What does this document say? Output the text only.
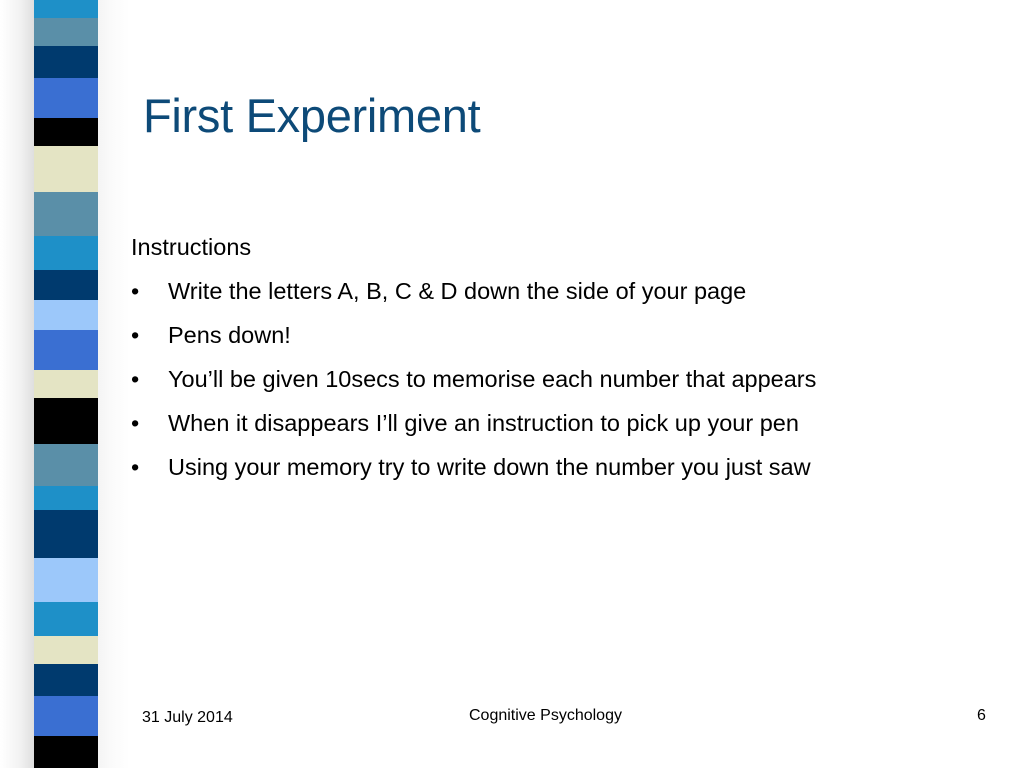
First Experiment

Instructions

• Write the letters A, B, C & D down the side of your page
• Pens down!
• You’ll be given 10secs to memorise each number that appears
• When it disappears I’ll give an instruction to pick up your pen
• Using your memory try to write down the number you just saw
31 July 2014	Cognitive Psychology	6
